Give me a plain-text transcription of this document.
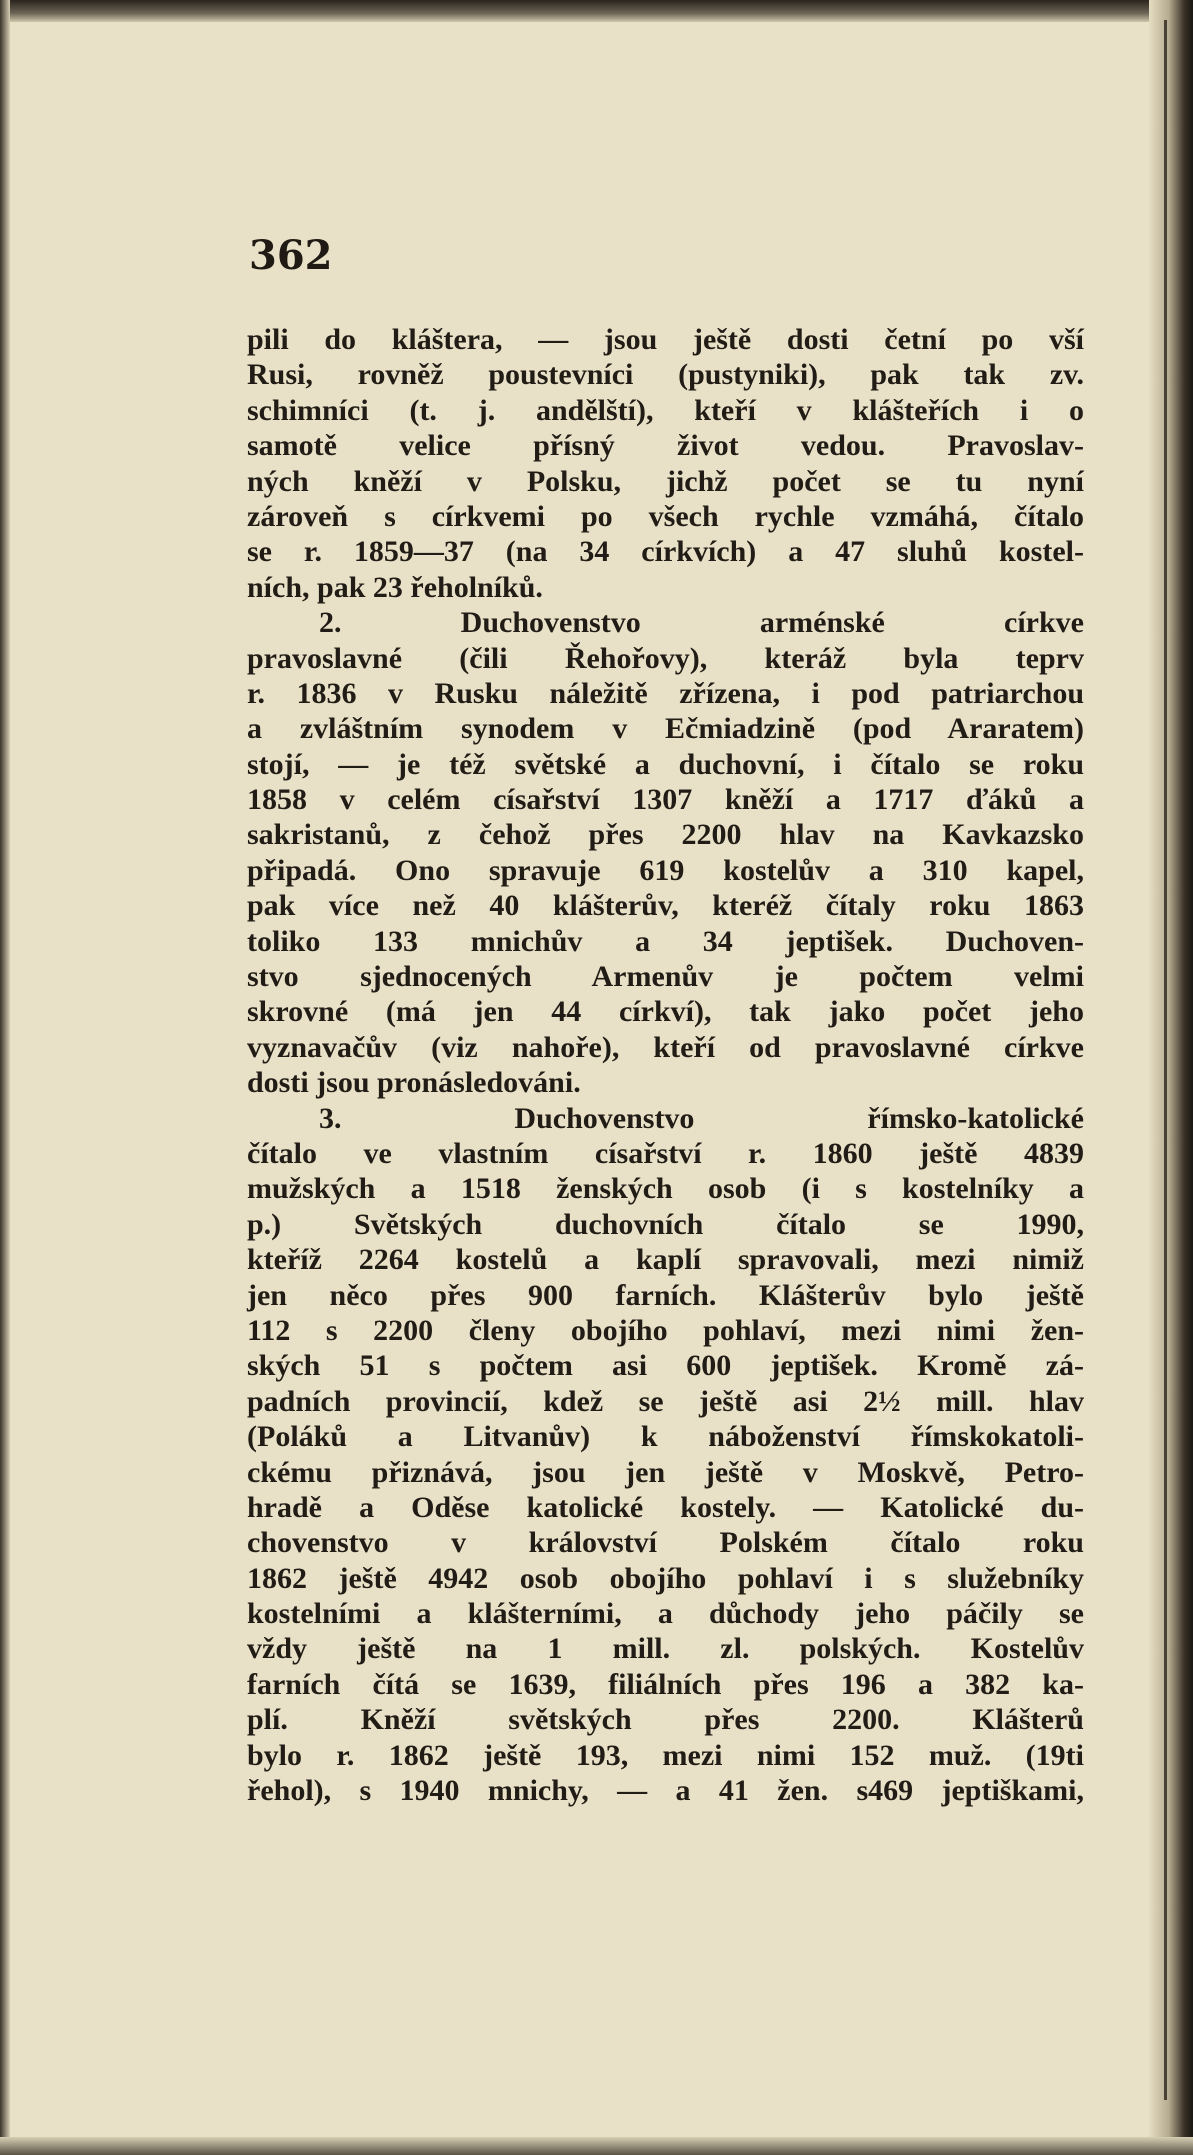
362
pili do kláštera, — jsou ještě dosti četní po vší
Rusi, rovněž poustevníci (pustyniki), pak tak zv.
schimníci (t. j. andělští), kteří v klášteřích i o
samotě velice přísný život vedou. Pravoslav-
ných kněží v Polsku, jichž počet se tu nyní
zároveň s církvemi po všech rychle vzmáhá, čítalo
se r. 1859—37 (na 34 církvích) a 47 sluhů kostel-
ních, pak 23 řeholníků.
2. Duchovenstvo arménské církve
pravoslavné (čili Řehořovy), kteráž byla teprv
r. 1836 v Rusku náležitě zřízena, i pod patriarchou
a zvláštním synodem v Ečmiadzině (pod Araratem)
stojí, — je též světské a duchovní, i čítalo se roku
1858 v celém císařství 1307 kněží a 1717 ďáků a
sakristanů, z čehož přes 2200 hlav na Kavkazsko
připadá. Ono spravuje 619 kostelův a 310 kapel,
pak více než 40 klášterův, kteréž čítaly roku 1863
toliko 133 mnichův a 34 jeptišek. Duchoven-
stvo sjednocených Armenův je počtem velmi
skrovné (má jen 44 církví), tak jako počet jeho
vyznavačův (viz nahoře), kteří od pravoslavné církve
dosti jsou pronásledováni.
3. Duchovenstvo římsko-katolické
čítalo ve vlastním císařství r. 1860 ještě 4839
mužských a 1518 ženských osob (i s kostelníky a
p.) Světských duchovních čítalo se 1990,
kteříž 2264 kostelů a kaplí spravovali, mezi nimiž
jen něco přes 900 farních. Klášterův bylo ještě
112 s 2200 členy obojího pohlaví, mezi nimi žen-
ských 51 s počtem asi 600 jeptišek. Kromě zá-
padních provincií, kdež se ještě asi 2½ mill. hlav
(Poláků a Litvanův) k náboženství římskokatoli-
ckému přiznává, jsou jen ještě v Moskvě, Petro-
hradě a Oděse katolické kostely. — Katolické du-
chovenstvo v království Polském čítalo roku
1862 ještě 4942 osob obojího pohlaví i s služebníky
kostelními a klášterními, a důchody jeho páčily se
vždy ještě na 1 mill. zl. polských. Kostelův
farních čítá se 1639, filiálních přes 196 a 382 ka-
plí. Kněží světských přes 2200. Klášterů
bylo r. 1862 ještě 193, mezi nimi 152 muž. (19ti
řehol), s 1940 mnichy, — a 41 žen. s469 jeptiškami,
